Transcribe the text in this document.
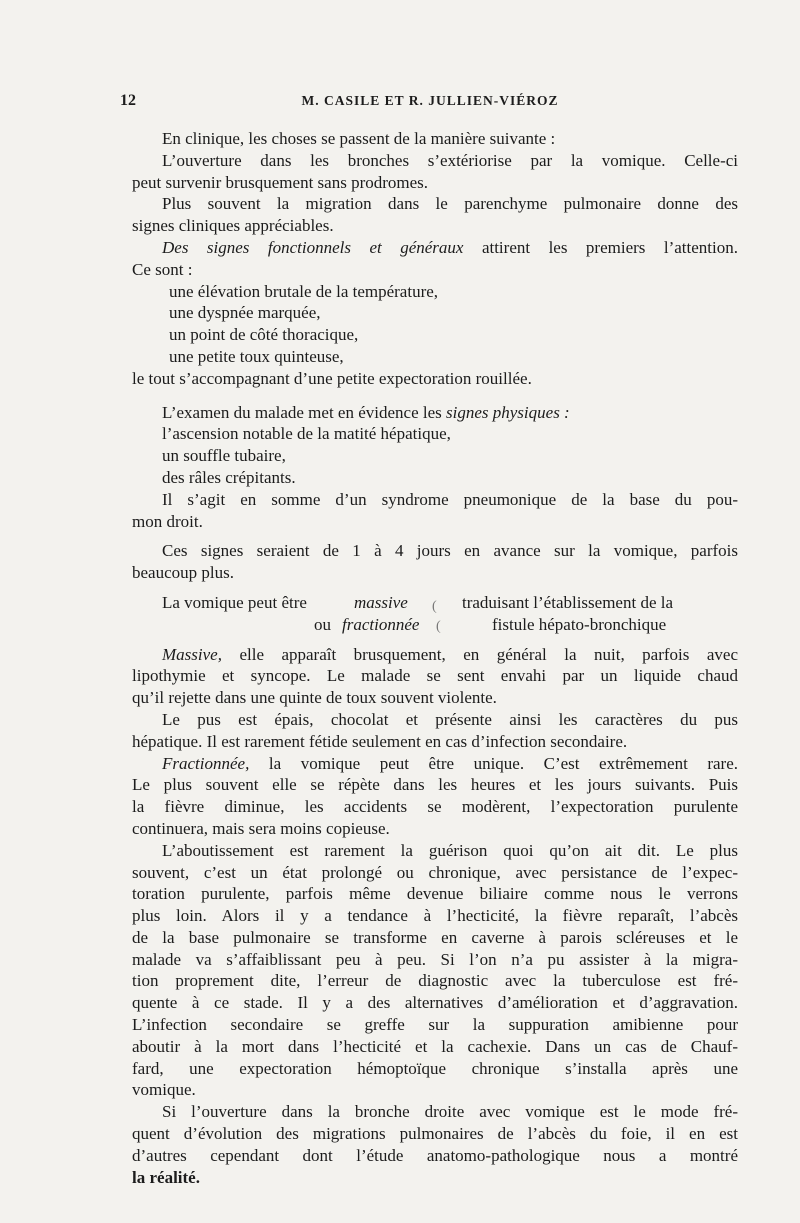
12	M. CASILE ET R. JULLIEN-VIÉROZ
En clinique, les choses se passent de la manière suivante :
L’ouverture dans les bronches s’extériorise par la vomique. Celle-ci
peut survenir brusquement sans prodromes.
Plus souvent la migration dans le parenchyme pulmonaire donne des
signes cliniques appréciables.
Des signes fonctionnels et généraux attirent les premiers l’attention.
Ce sont :
une élévation brutale de la température,
une dyspnée marquée,
un point de côté thoracique,
une petite toux quinteuse,
le tout s’accompagnant d’une petite expectoration rouillée.
L’examen du malade met en évidence les signes physiques :
l’ascension notable de la matité hépatique,
un souffle tubaire,
des râles crépitants.
Il s’agit en somme d’un syndrome pneumonique de la base du pou-
mon droit.
Ces signes seraient de 1 à 4 jours en avance sur la vomique, parfois
beaucoup plus.
La vomique peut être	massive ( traduisant l’établissement de la
ou fractionnée (	fistule hépato-bronchique
Massive, elle apparaît brusquement, en général la nuit, parfois avec
lipothymie et syncope. Le malade se sent envahi par un liquide chaud
qu’il rejette dans une quinte de toux souvent violente.
Le pus est épais, chocolat et présente ainsi les caractères du pus
hépatique. Il est rarement fétide seulement en cas d’infection secondaire.
Fractionnée, la vomique peut être unique. C’est extrêmement rare.
Le plus souvent elle se répète dans les heures et les jours suivants. Puis
la fièvre diminue, les accidents se modèrent, l’expectoration purulente
continuera, mais sera moins copieuse.
L’aboutissement est rarement la guérison quoi qu’on ait dit. Le plus
souvent, c’est un état prolongé ou chronique, avec persistance de l’expec-
toration purulente, parfois même devenue biliaire comme nous le verrons
plus loin. Alors il y a tendance à l’hecticité, la fièvre reparaît, l’abcès
de la base pulmonaire se transforme en caverne à parois scléreuses et le
malade va s’affaiblissant peu à peu. Si l’on n’a pu assister à la migra-
tion proprement dite, l’erreur de diagnostic avec la tuberculose est fré-
quente à ce stade. Il y a des alternatives d’amélioration et d’aggravation.
L’infection secondaire se greffe sur la suppuration amibienne pour
aboutir à la mort dans l’hecticité et la cachexie. Dans un cas de Chauf-
fard, une expectoration hémoptoïque chronique s’installa après une
vomique.
Si l’ouverture dans la bronche droite avec vomique est le mode fré-
quent d’évolution des migrations pulmonaires de l’abcès du foie, il en est
d’autres cependant dont l’étude anatomo-pathologique nous a montré
la réalité.
